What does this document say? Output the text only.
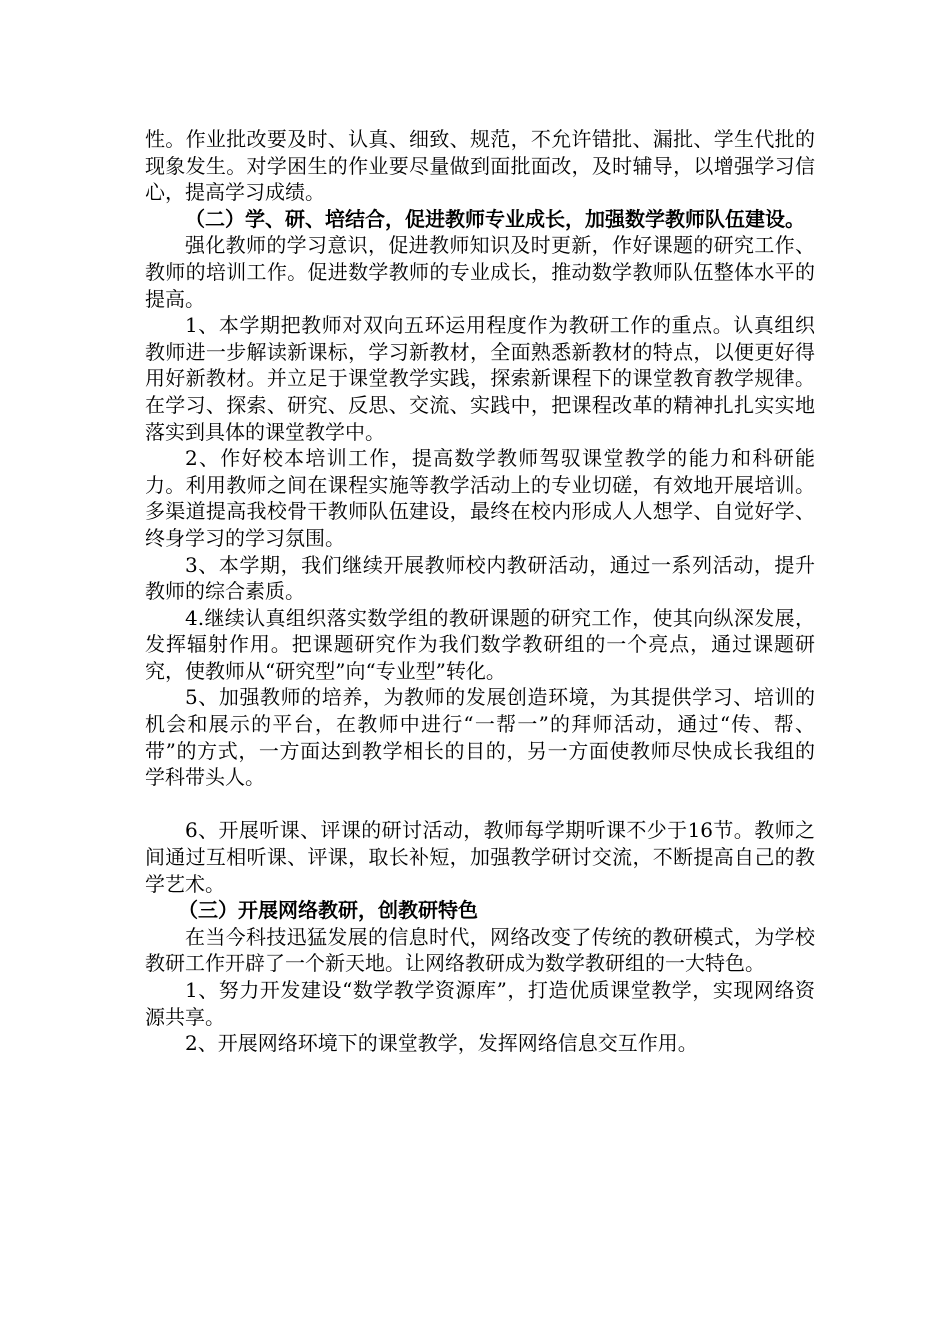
性。作业批改要及时、认真、细致、规范，不允许错批、漏批、学生代批的现象发生。对学困生的作业要尽量做到面批面改，及时辅导，以增强学习信心，提高学习成绩。

（二）学、研、培结合，促进教师专业成长，加强数学教师队伍建设。

强化教师的学习意识，促进教师知识及时更新，作好课题的研究工作、教师的培训工作。促进数学教师的专业成长，推动数学教师队伍整体水平的提高。

1、本学期把教师对双向五环运用程度作为教研工作的重点。认真组织教师进一步解读新课标，学习新教材，全面熟悉新教材的特点，以便更好得用好新教材。并立足于课堂教学实践，探索新课程下的课堂教育教学规律。在学习、探索、研究、反思、交流、实践中，把课程改革的精神扎扎实实地落实到具体的课堂教学中。

2、作好校本培训工作，提高数学教师驾驭课堂教学的能力和科研能力。利用教师之间在课程实施等教学活动上的专业切磋，有效地开展培训。多渠道提高我校骨干教师队伍建设，最终在校内形成人人想学、自觉好学、终身学习的学习氛围。

3、本学期，我们继续开展教师校内教研活动，通过一系列活动，提升教师的综合素质。

4.继续认真组织落实数学组的教研课题的研究工作，使其向纵深发展，发挥辐射作用。把课题研究作为我们数学教研组的一个亮点，通过课题研究，使教师从“研究型”向“专业型”转化。

5、加强教师的培养，为教师的发展创造环境，为其提供学习、培训的机会和展示的平台，在教师中进行“一帮一”的拜师活动，通过“传、帮、带”的方式，一方面达到教学相长的目的，另一方面使教师尽快成长我组的学科带头人。

6、开展听课、评课的研讨活动，教师每学期听课不少于16节。教师之间通过互相听课、评课，取长补短，加强教学研讨交流，不断提高自己的教学艺术。

（三）开展网络教研，创教研特色

在当今科技迅猛发展的信息时代，网络改变了传统的教研模式，为学校教研工作开辟了一个新天地。让网络教研成为数学教研组的一大特色。

1、努力开发建设“数学教学资源库”，打造优质课堂教学，实现网络资源共享。

2、开展网络环境下的课堂教学，发挥网络信息交互作用。
